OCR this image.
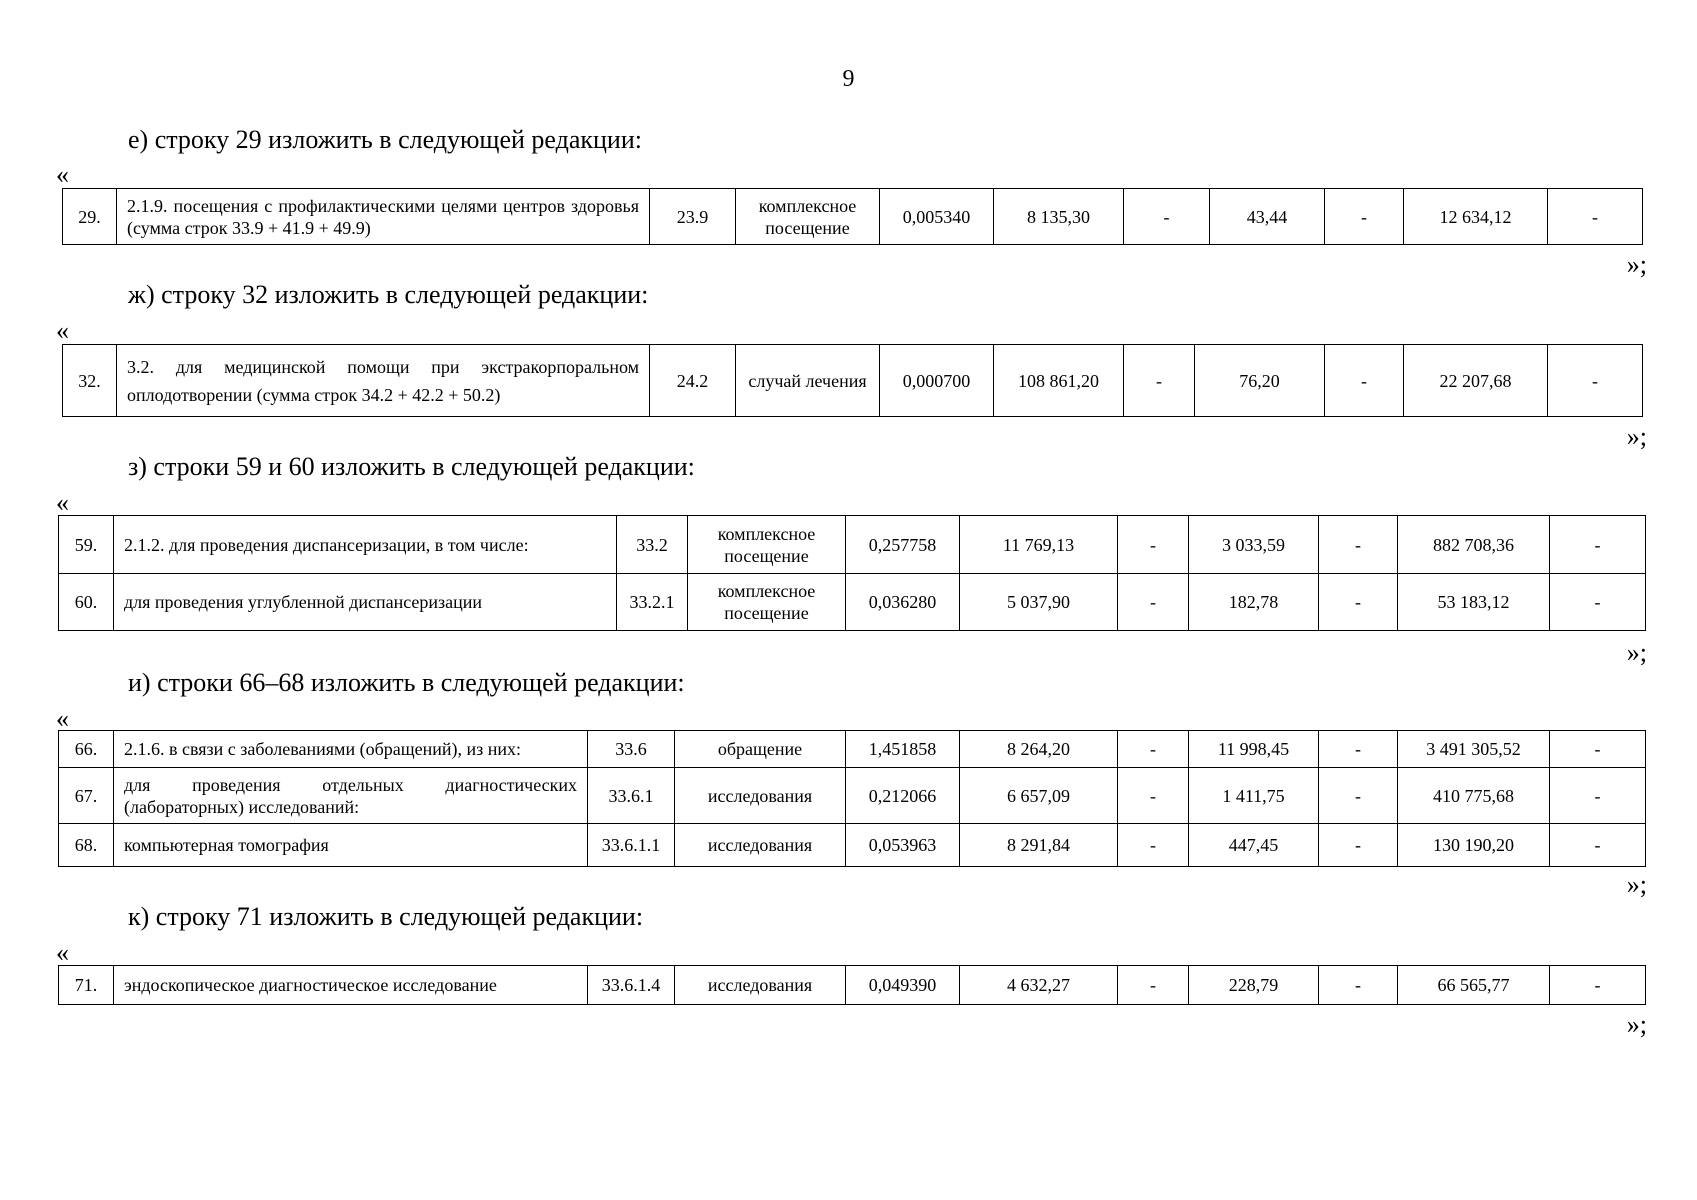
9
е) строку 29 изложить в следующей редакции:
«
29.	2.1.9. посещения с профилактическими целями центров здоровья (сумма строк 33.9 + 41.9 + 49.9)	23.9	комплексное посещение	0,005340	8 135,30	-	43,44	-	12 634,12	-
»;
ж) строку 32 изложить в следующей редакции:
«
32.	3.2. для медицинской помощи при экстракорпоральном оплодотворении (сумма строк 34.2 + 42.2 + 50.2)	24.2	случай лечения	0,000700	108 861,20	-	76,20	-	22 207,68	-
»;
з) строки 59 и 60 изложить в следующей редакции:
«
59.	2.1.2. для проведения диспансеризации, в том числе:	33.2	комплексное посещение	0,257758	11 769,13	-	3 033,59	-	882 708,36	-
60.	для проведения углубленной диспансеризации	33.2.1	комплексное посещение	0,036280	5 037,90	-	182,78	-	53 183,12	-
»;
и) строки 66–68 изложить в следующей редакции:
«
66.	2.1.6. в связи с заболеваниями (обращений), из них:	33.6	обращение	1,451858	8 264,20	-	11 998,45	-	3 491 305,52	-
67.	для проведения отдельных диагностических (лабораторных) исследований:	33.6.1	исследования	0,212066	6 657,09	-	1 411,75	-	410 775,68	-
68.	компьютерная томография	33.6.1.1	исследования	0,053963	8 291,84	-	447,45	-	130 190,20	-
»;
к) строку 71 изложить в следующей редакции:
«
71.	эндоскопическое диагностическое исследование	33.6.1.4	исследования	0,049390	4 632,27	-	228,79	-	66 565,77	-
»;
